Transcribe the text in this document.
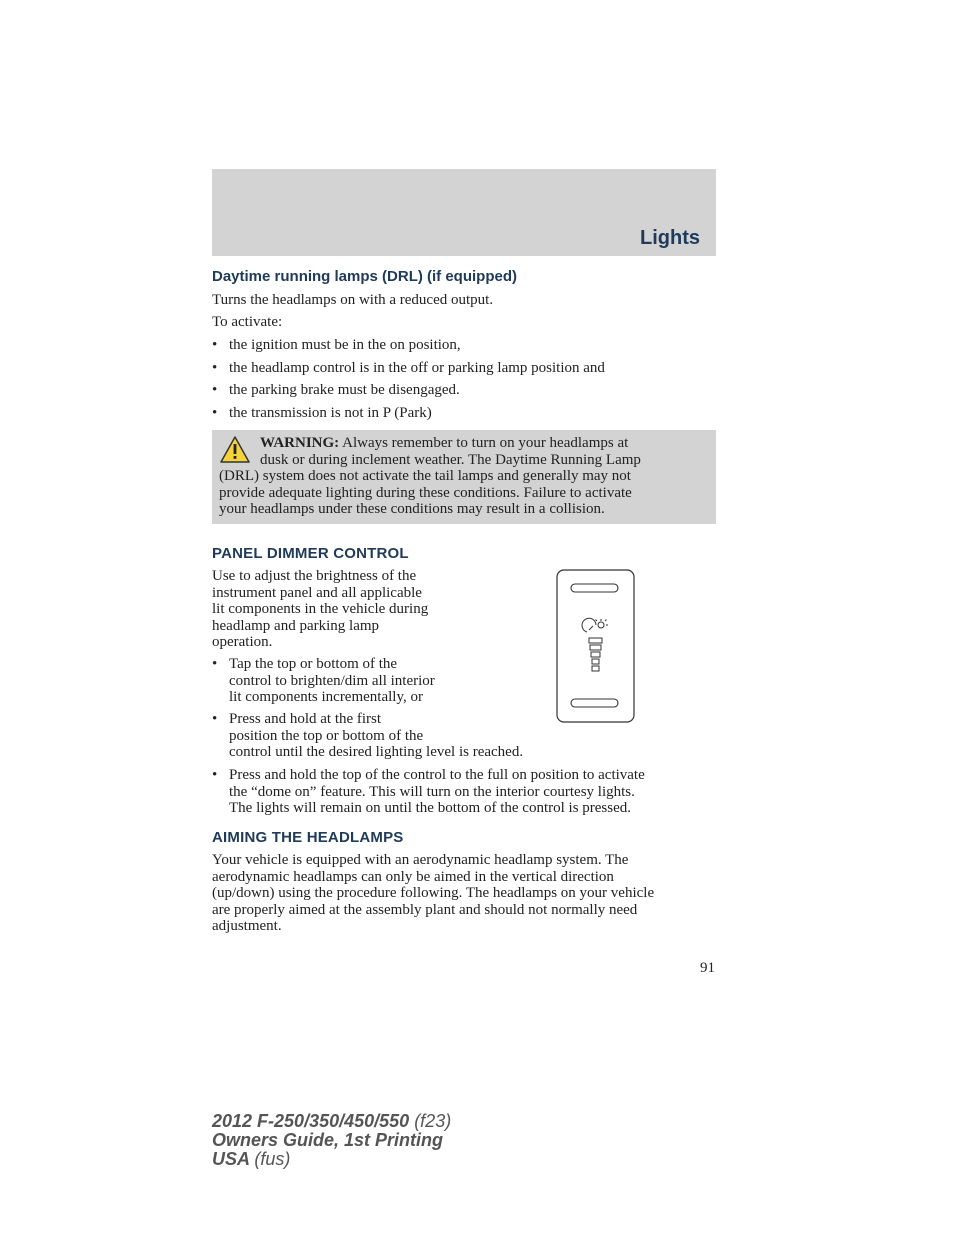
Lights
Daytime running lamps (DRL) (if equipped)
Turns the headlamps on with a reduced output.
To activate:
• the ignition must be in the on position,
• the headlamp control is in the off or parking lamp position and
• the parking brake must be disengaged.
• the transmission is not in P (Park)
WARNING: Always remember to turn on your headlamps at
dusk or during inclement weather. The Daytime Running Lamp
(DRL) system does not activate the tail lamps and generally may not
provide adequate lighting during these conditions. Failure to activate
your headlamps under these conditions may result in a collision.
PANEL DIMMER CONTROL
Use to adjust the brightness of the
instrument panel and all applicable
lit components in the vehicle during
headlamp and parking lamp
operation.
• Tap the top or bottom of the
control to brighten/dim all interior
lit components incrementally, or
• Press and hold at the first
position the top or bottom of the
control until the desired lighting level is reached.
• Press and hold the top of the control to the full on position to activate
the “dome on” feature. This will turn on the interior courtesy lights.
The lights will remain on until the bottom of the control is pressed.
AIMING THE HEADLAMPS
Your vehicle is equipped with an aerodynamic headlamp system. The
aerodynamic headlamps can only be aimed in the vertical direction
(up/down) using the procedure following. The headlamps on your vehicle
are properly aimed at the assembly plant and should not normally need
adjustment.
91
2012 F-250/350/450/550 (f23)
Owners Guide, 1st Printing
USA (fus)
